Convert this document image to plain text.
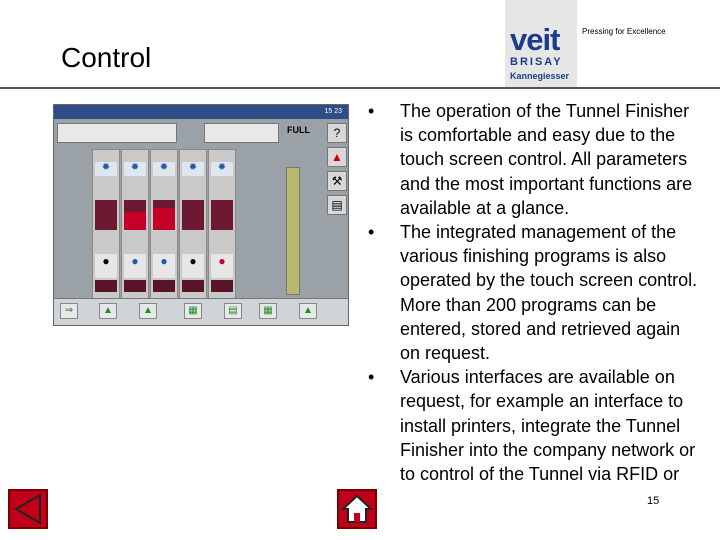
Control
veit
BRISAY
Kannegiesser
Pressing for Excellence
15 23
FULL	?
▲
⚒
▤
✹
●
✹
●
✹
●
✹
●
✹
●
⇒	▲	▲	▦	▤	▦	▲
• The operation of the Tunnel Finisher is comfortable and easy due to the touch screen control. All parameters and the most important functions are available at a glance.
• The integrated management of the various finishing programs is also operated by the touch screen control. More than 200 programs can be entered, stored and retrieved again on request.
• Various interfaces are available on request, for example an interface to install printers, integrate the Tunnel Finisher into the company network or to control of the Tunnel via RFID or
15
